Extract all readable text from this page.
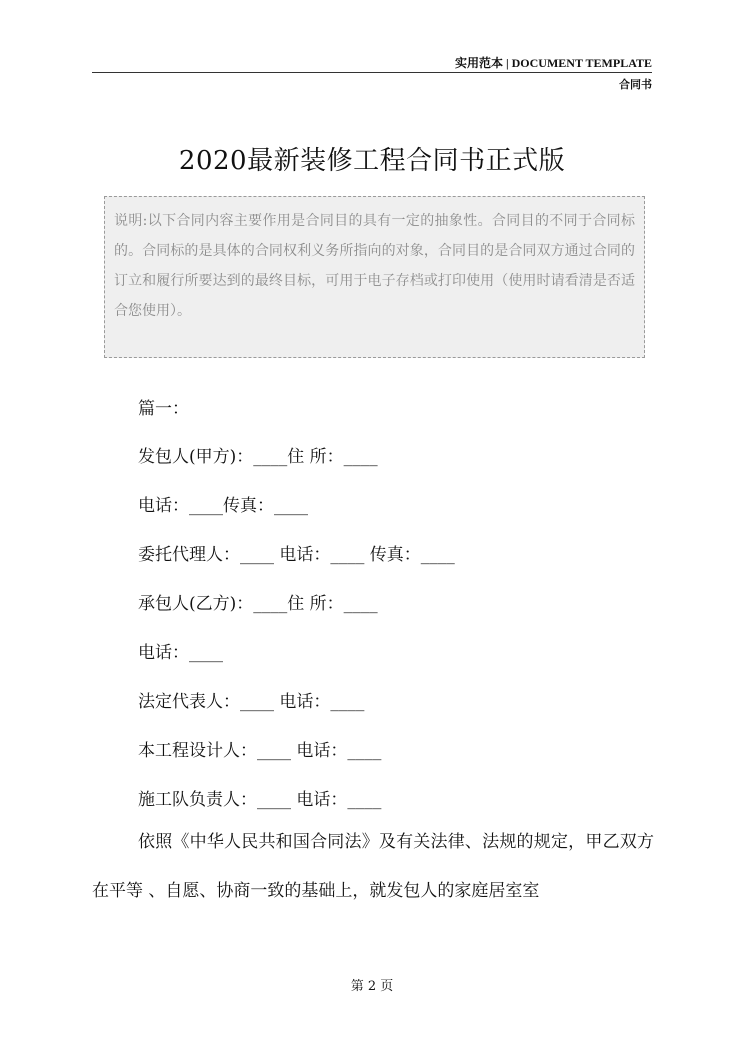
实用范本 | DOCUMENT TEMPLATE
合同书
2020最新装修工程合同书正式版
说明:以下合同内容主要作用是合同目的具有一定的抽象性。合同目的不同于合同标的。合同标的是具体的合同权利义务所指向的对象，合同目的是合同双方通过合同的订立和履行所要达到的最终目标，可用于电子存档或打印使用（使用时请看清是否适合您使用）。
篇一：
发包人(甲方)：____住 所：____
电话：____传真：____
委托代理人：____ 电话：____ 传真：____
承包人(乙方)：____住 所：____
电话：____
法定代表人：____ 电话：____
本工程设计人：____ 电话：____
施工队负责人：____ 电话：____
依照《中华人民共和国合同法》及有关法律、法规的规定，甲乙双方在平等 、自愿、协商一致的基础上，就发包人的家庭居室室
第 2 页
